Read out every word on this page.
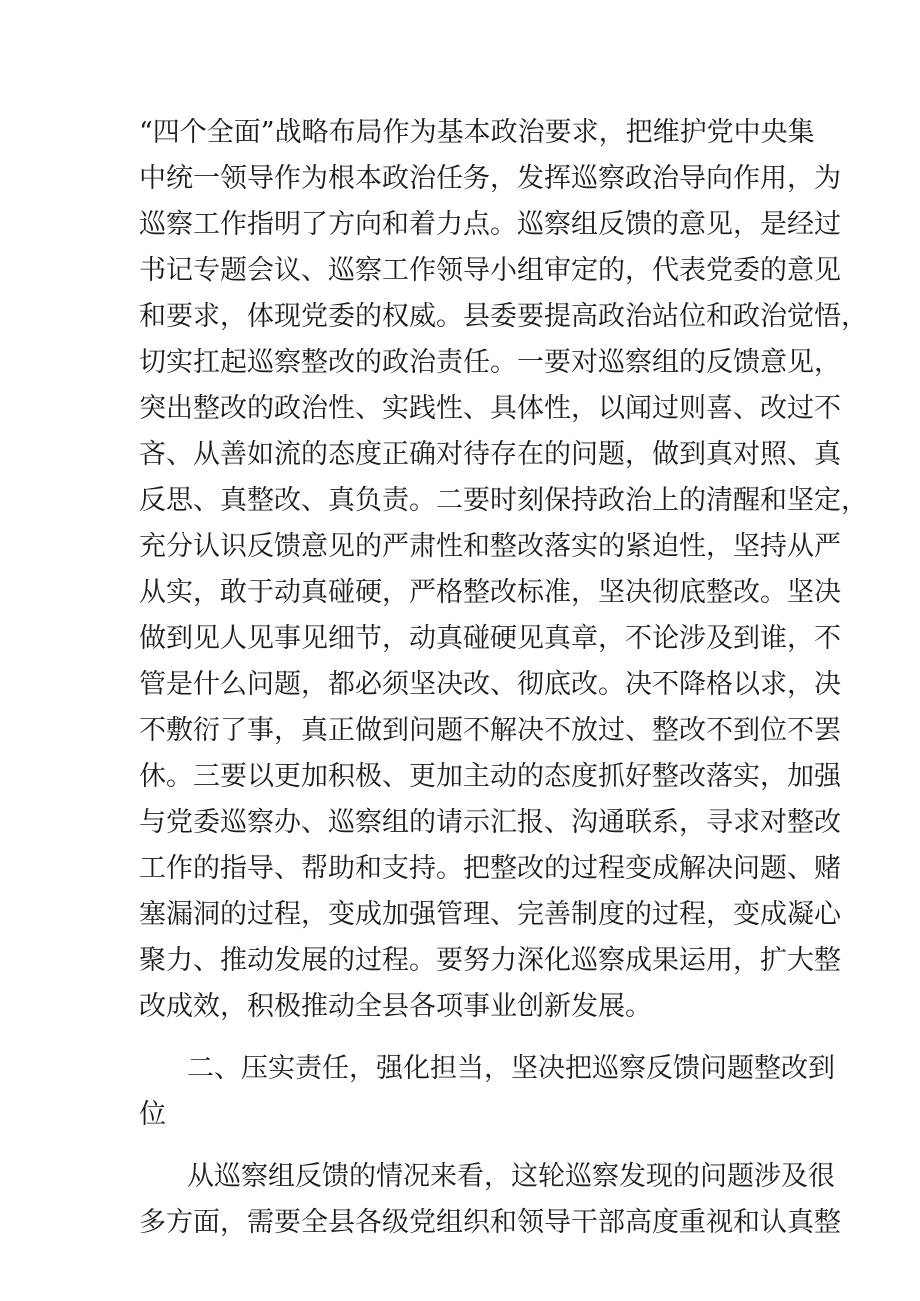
“四个全面”战略布局作为基本政治要求，把维护党中央集
中统一领导作为根本政治任务，发挥巡察政治导向作用，为
巡察工作指明了方向和着力点。巡察组反馈的意见，是经过
书记专题会议、巡察工作领导小组审定的，代表党委的意见
和要求，体现党委的权威。县委要提高政治站位和政治觉悟，
切实扛起巡察整改的政治责任。一要对巡察组的反馈意见，
突出整改的政治性、实践性、具体性，以闻过则喜、改过不
吝、从善如流的态度正确对待存在的问题，做到真对照、真
反思、真整改、真负责。二要时刻保持政治上的清醒和坚定，
充分认识反馈意见的严肃性和整改落实的紧迫性，坚持从严
从实，敢于动真碰硬，严格整改标准，坚决彻底整改。坚决
做到见人见事见细节，动真碰硬见真章，不论涉及到谁，不
管是什么问题，都必须坚决改、彻底改。决不降格以求，决
不敷衍了事，真正做到问题不解决不放过、整改不到位不罢
休。三要以更加积极、更加主动的态度抓好整改落实，加强
与党委巡察办、巡察组的请示汇报、沟通联系，寻求对整改
工作的指导、帮助和支持。把整改的过程变成解决问题、赌
塞漏洞的过程，变成加强管理、完善制度的过程，变成凝心
聚力、推动发展的过程。要努力深化巡察成果运用，扩大整
改成效，积极推动全县各项事业创新发展。
二、压实责任，强化担当，坚决把巡察反馈问题整改到
位
从巡察组反馈的情况来看，这轮巡察发现的问题涉及很
多方面，需要全县各级党组织和领导干部高度重视和认真整
